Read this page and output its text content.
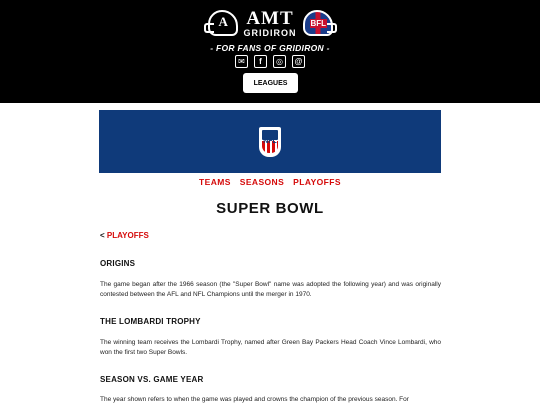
A AMT
GRIDIRON
BFL
- FOR FANS OF GRIDIRON -
✉	f	◎	@
LEAGUES
NFL
TEAMS SEASONS PLAYOFFS
SUPER BOWL
< PLAYOFFS
ORIGINS

The game began after the 1966 season (the "Super Bowl" name was adopted the following year) and was originally contested between the AFL and NFL Champions until the merger in 1970.

THE LOMBARDI TROPHY

The winning team receives the Lombardi Trophy, named after Green Bay Packers Head Coach Vince Lombardi, who won the first two Super Bowls.

SEASON VS. GAME YEAR

The year shown refers to when the game was played and crowns the champion of the previous season. For
